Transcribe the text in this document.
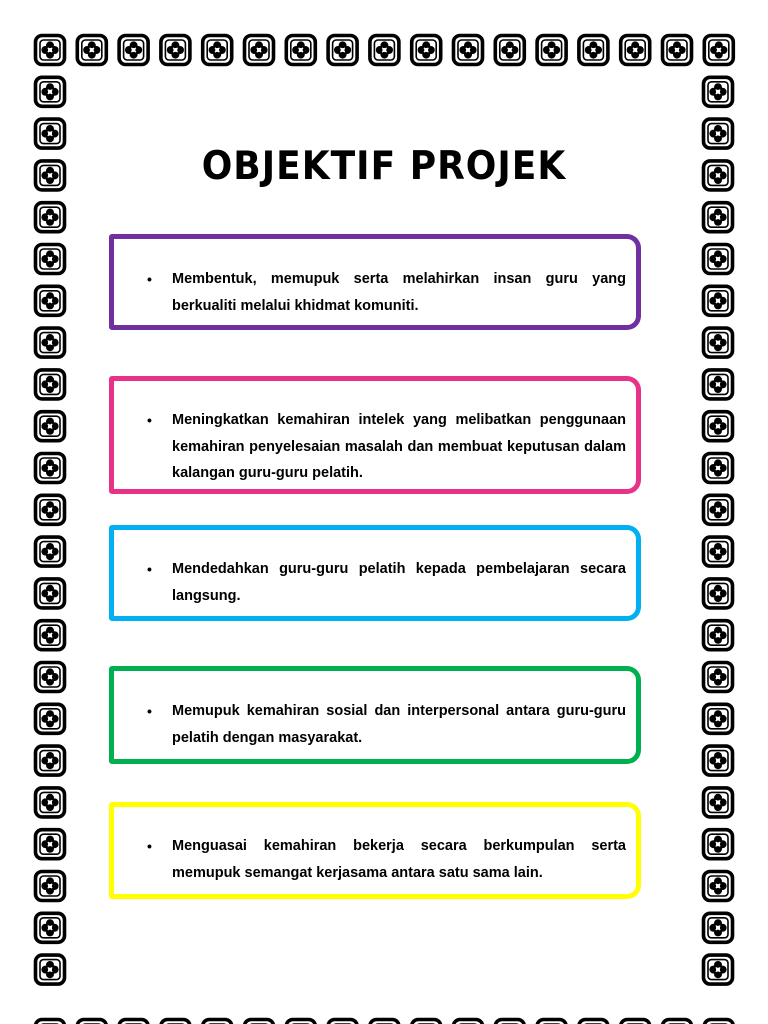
OBJEKTIF PROJEK
• Membentuk, memupuk serta melahirkan insan guru yang berkualiti melalui khidmat komuniti.
• Meningkatkan kemahiran intelek yang melibatkan penggunaan kemahiran penyelesaian masalah dan membuat keputusan dalam kalangan guru-guru pelatih.
• Mendedahkan guru-guru pelatih kepada pembelajaran secara langsung.
• Memupuk kemahiran sosial dan interpersonal antara guru-guru pelatih dengan masyarakat.
• Menguasai kemahiran bekerja secara berkumpulan serta memupuk semangat kerjasama antara satu sama lain.
